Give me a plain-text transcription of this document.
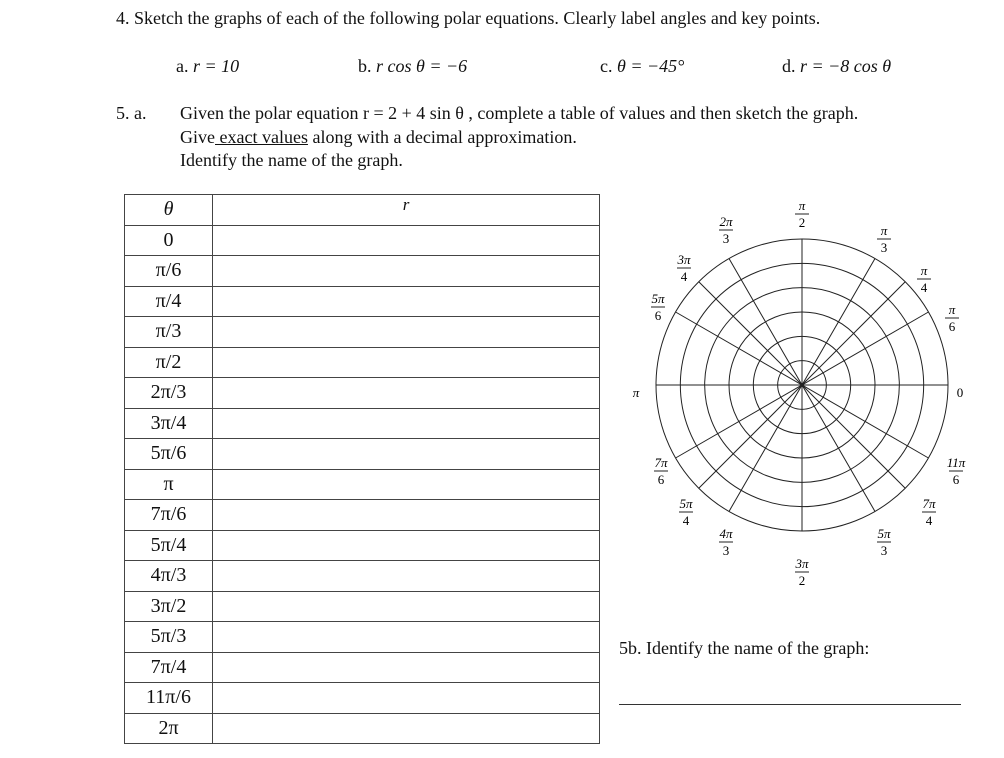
4. Sketch the graphs of each of the following polar equations. Clearly label angles and key points.
a. r = 10	b. r cos θ = −6	c. θ = −45°	d. r = −8 cos θ
5. a. Given the polar equation r = 2 + 4 sin θ , complete a table of values and then sketch the graph.
Give exact values along with a decimal approximation.
Identify the name of the graph.
θ	r
0	
π/6	
π/4	
π/3	
π/2	
2π/3	
3π/4	
5π/6	
π	
7π/6	
5π/4	
4π/3	
3π/2	
5π/3	
7π/4	
11π/6	
2π	
π
2
2π
3
π
3
3π
4	π
4
5π
6	π
6
π	0
7π
6
11π
6
5π
4
7π
4
4π
3
5π
3
3π
2
5b. Identify the name of the graph:
